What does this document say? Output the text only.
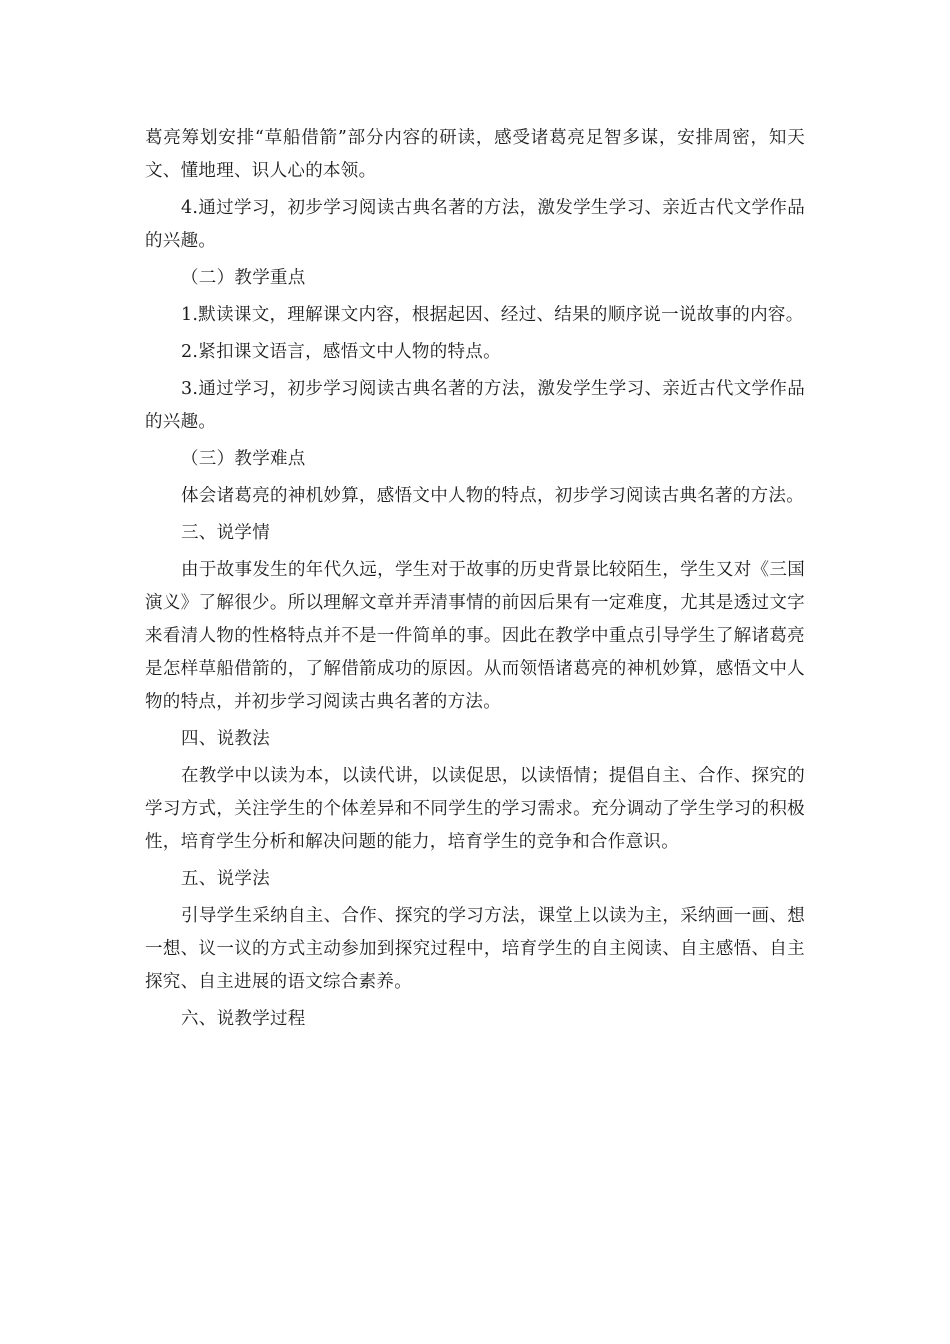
葛亮筹划安排“草船借箭”部分内容的研读，感受诸葛亮足智多谋，安排周密，知天文、懂地理、识人心的本领。

4.通过学习，初步学习阅读古典名著的方法，激发学生学习、亲近古代文学作品的兴趣。

（二）教学重点

1.默读课文，理解课文内容，根据起因、经过、结果的顺序说一说故事的内容。

2.紧扣课文语言，感悟文中人物的特点。

3.通过学习，初步学习阅读古典名著的方法，激发学生学习、亲近古代文学作品的兴趣。

（三）教学难点

体会诸葛亮的神机妙算，感悟文中人物的特点，初步学习阅读古典名著的方法。

三、说学情

由于故事发生的年代久远，学生对于故事的历史背景比较陌生，学生又对《三国演义》了解很少。所以理解文章并弄清事情的前因后果有一定难度，尤其是透过文字来看清人物的性格特点并不是一件简单的事。因此在教学中重点引导学生了解诸葛亮是怎样草船借箭的，了解借箭成功的原因。从而领悟诸葛亮的神机妙算，感悟文中人物的特点，并初步学习阅读古典名著的方法。

四、说教法

在教学中以读为本，以读代讲，以读促思，以读悟情；提倡自主、合作、探究的学习方式，关注学生的个体差异和不同学生的学习需求。充分调动了学生学习的积极性，培育学生分析和解决问题的能力，培育学生的竞争和合作意识。

五、说学法

引导学生采纳自主、合作、探究的学习方法，课堂上以读为主，采纳画一画、想一想、议一议的方式主动参加到探究过程中，培育学生的自主阅读、自主感悟、自主探究、自主进展的语文综合素养。

六、说教学过程
